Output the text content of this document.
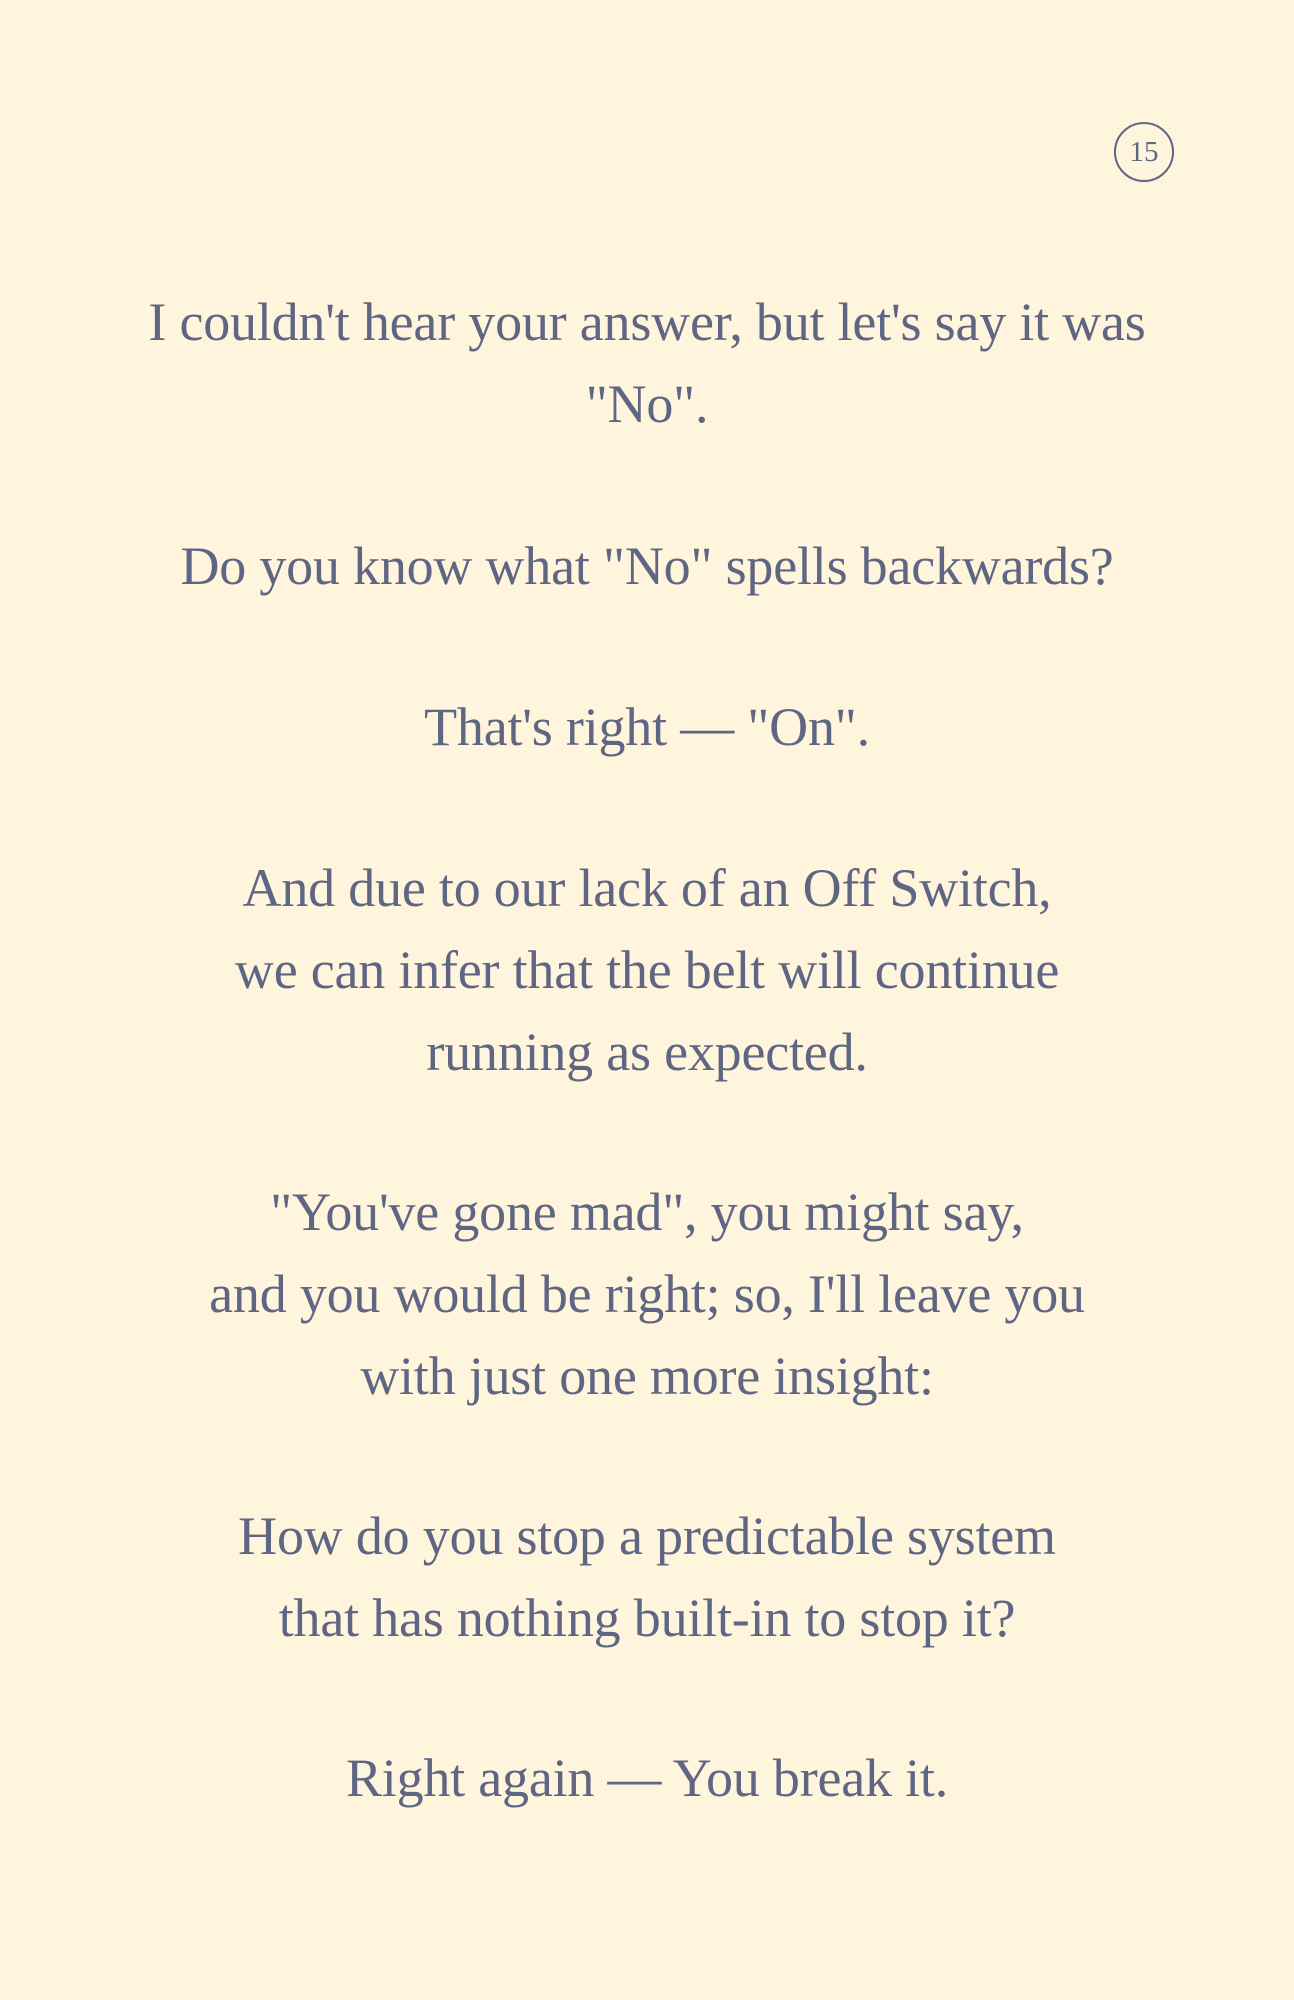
15
I couldn't hear your answer, but let's say it was
"No".
Do you know what "No" spells backwards?
That's right — "On".
And due to our lack of an Off Switch,
we can infer that the belt will continue
running as expected.
"You've gone mad", you might say,
and you would be right; so, I'll leave you
with just one more insight:
How do you stop a predictable system
that has nothing built-in to stop it?
Right again — You break it.
